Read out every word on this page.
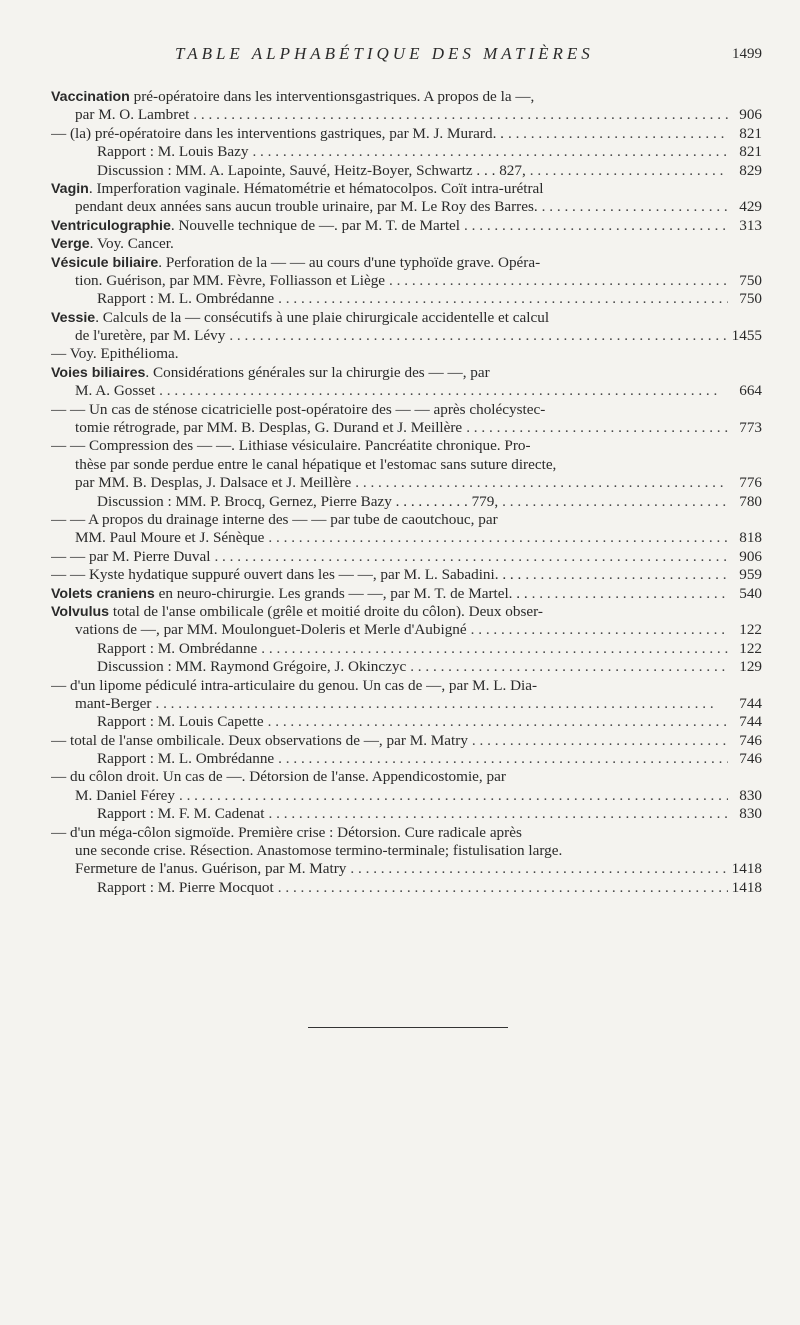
TABLE ALPHABÉTIQUE DES MATIÈRES	1499
Vaccination pré-opératoire dans les interventionsgastriques. A propos de la —,
par M. O. Lambret . . .	906
— (la) pré-opératoire dans les interventions gastriques, par M. J. Murard. . . . .	821
Rapport : M. Louis Bazy . . .	821
Discussion : MM. A. Lapointe, Sauvé, Heitz-Boyer, Schwartz . . . 827, . . .	829
Vagin. Imperforation vaginale. Hématométrie et hématocolpos. Coït intra-urétral
pendant deux années sans aucun trouble urinaire, par M. Le Roy des Barres. . . .	429
Ventriculographie. Nouvelle technique de —. par M. T. de Martel . . .	313
Verge. Voy. Cancer.
Vésicule biliaire. Perforation de la — — au cours d'une typhoïde grave. Opéra-
tion. Guérison, par MM. Fèvre, Folliasson et Liège . . .	750
Rapport : M. L. Ombrédanne . . .	750
Vessie. Calculs de la — consécutifs à une plaie chirurgicale accidentelle et calcul
de l'uretère, par M. Lévy . . .	1455
— Voy. Epithélioma.
Voies biliaires. Considérations générales sur la chirurgie des — —, par
M. A. Gosset . . .	664
— — Un cas de sténose cicatricielle post-opératoire des — — après cholécystec-
tomie rétrograde, par MM. B. Desplas, G. Durand et J. Meillère . . .	773
— — Compression des — —. Lithiase vésiculaire. Pancréatite chronique. Pro-
thèse par sonde perdue entre le canal hépatique et l'estomac sans suture directe,
par MM. B. Desplas, J. Dalsace et J. Meillère . . .	776
Discussion : MM. P. Brocq, Gernez, Pierre Bazy . . . . . . . . . . 779, . . .	780
— — A propos du drainage interne des — — par tube de caoutchouc, par
MM. Paul Moure et J. Sénèque . . .	818
— — par M. Pierre Duval . . .	906
— — Kyste hydatique suppuré ouvert dans les — —, par M. L. Sabadini. . . . . . .	959
Volets craniens en neuro-chirurgie. Les grands — —, par M. T. de Martel. . . . . .	540
Volvulus total de l'anse ombilicale (grêle et moitié droite du côlon). Deux obser-
vations de —, par MM. Moulonguet-Doleris et Merle d'Aubigné . . .	122
Rapport : M. Ombrédanne . . .	122
Discussion : MM. Raymond Grégoire, J. Okinczyc . . .	129
— d'un lipome pédiculé intra-articulaire du genou. Un cas de —, par M. L. Dia-
mant-Berger . . .	744
Rapport : M. Louis Capette . . .	744
— total de l'anse ombilicale. Deux observations de —, par M. Matry . . .	746
Rapport : M. L. Ombrédanne . . .	746
— du côlon droit. Un cas de —. Détorsion de l'anse. Appendicostomie, par
M. Daniel Férey . . .	830
Rapport : M. F. M. Cadenat . . .	830
— d'un méga-côlon sigmoïde. Première crise : Détorsion. Cure radicale après
une seconde crise. Résection. Anastomose termino-terminale; fistulisation large.
Fermeture de l'anus. Guérison, par M. Matry . . .	1418
Rapport : M. Pierre Mocquot . . .	1418
